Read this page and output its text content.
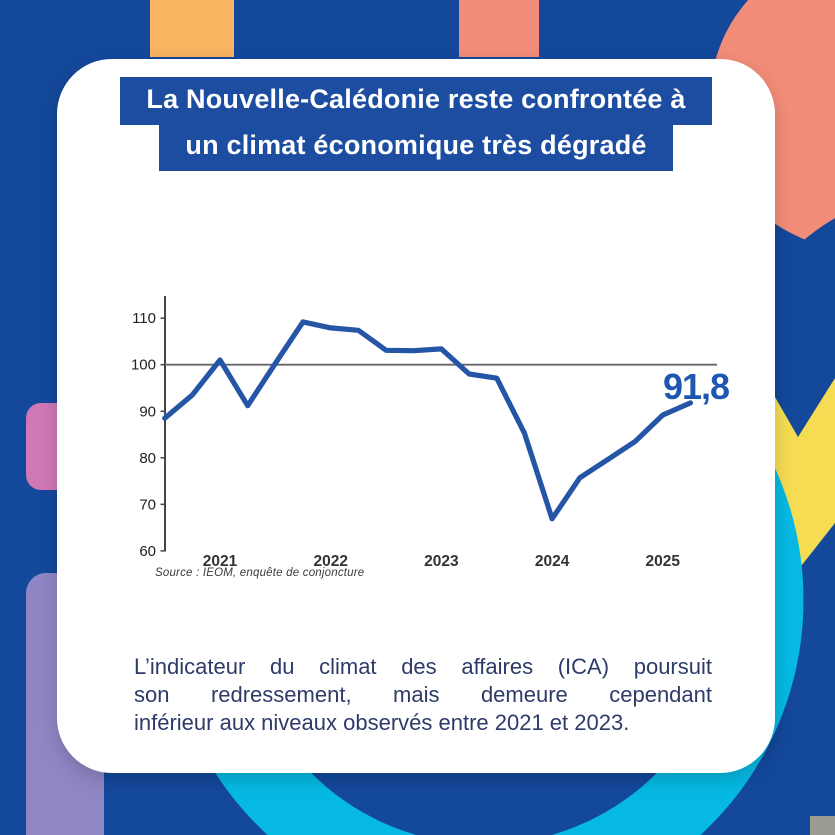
La Nouvelle-Calédonie reste confrontée à
un climat économique très dégradé
60
70
80
90
100
110
2021	2022	2023	2024	2025
91,8
Source : IEOM, enquête de conjoncture
L’indicateur du climat des affaires (ICA) poursuit
son redressement, mais demeure cependant
inférieur aux niveaux observés entre 2021 et 2023.
